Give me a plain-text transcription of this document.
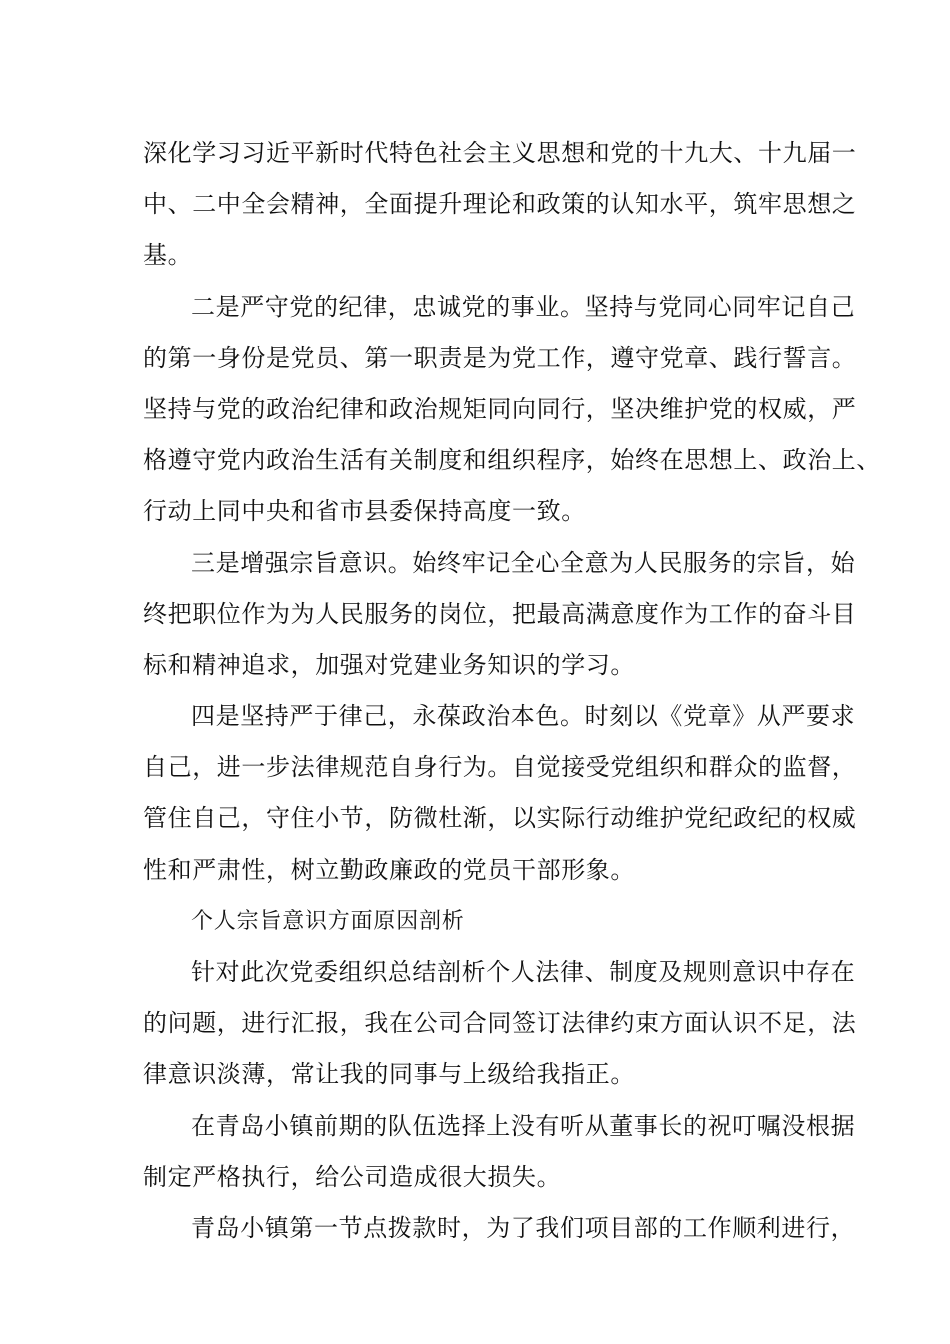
深化学习习近平新时代特色社会主义思想和党的十九大、十九届一
中、二中全会精神，全面提升理论和政策的认知水平，筑牢思想之
基。
二是严守党的纪律，忠诚党的事业。坚持与党同心同牢记自己
的第一身份是党员、第一职责是为党工作，遵守党章、践行誓言。
坚持与党的政治纪律和政治规矩同向同行，坚决维护党的权威，严
格遵守党内政治生活有关制度和组织程序，始终在思想上、政治上、
行动上同中央和省市县委保持高度一致。
三是增强宗旨意识。始终牢记全心全意为人民服务的宗旨，始
终把职位作为为人民服务的岗位，把最高满意度作为工作的奋斗目
标和精神追求，加强对党建业务知识的学习。
四是坚持严于律己，永葆政治本色。时刻以《党章》从严要求
自己，进一步法律规范自身行为。自觉接受党组织和群众的监督，
管住自己，守住小节，防微杜渐，以实际行动维护党纪政纪的权威
性和严肃性，树立勤政廉政的党员干部形象。
个人宗旨意识方面原因剖析
针对此次党委组织总结剖析个人法律、制度及规则意识中存在
的问题，进行汇报，我在公司合同签订法律约束方面认识不足，法
律意识淡薄，常让我的同事与上级给我指正。
在青岛小镇前期的队伍选择上没有听从董事长的祝叮嘱没根据
制定严格执行，给公司造成很大损失。
青岛小镇第一节点拨款时，为了我们项目部的工作顺利进行，
